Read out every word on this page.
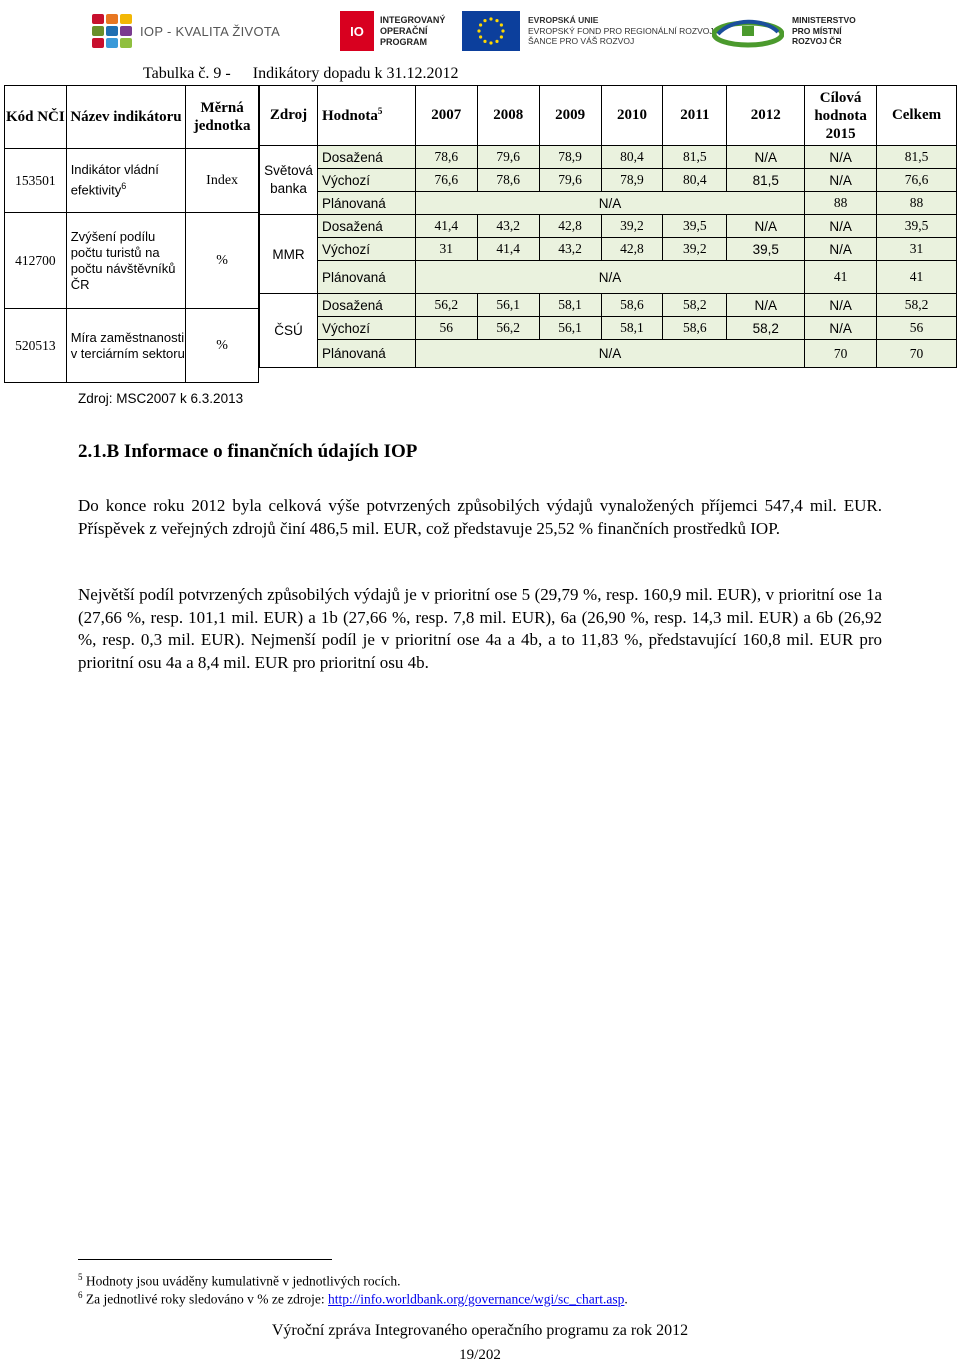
IOP - KVALITA ŽIVOTA	IO
INTEGROVANÝ
OPERAČNÍ
PROGRAM
EVROPSKÁ UNIE
EVROPSKÝ FOND PRO REGIONÁLNÍ ROZVOJ
ŠANCE PRO VÁŠ ROZVOJ
MINISTERSTVO
PRO MÍSTNÍ
ROZVOJ ČR
Tabulka č. 9 - Indikátory dopadu k 31.12.2012
Kód NČI	Název indikátoru	Měrná jednotka
153501	Indikátor vládní efektivity$^6$	Index
412700	Zvýšení podílu počtu turistů na počtu návštěvníků ČR	%
520513	Míra zaměstnanosti v terciárním sektoru	%
Zdroj	Hodnota$^5$	2007	2008	2009	2010	2011	2012	Cílová hodnota 2015	Celkem
Světová banka	Dosažená	78,6	79,6	78,9	80,4	81,5	N/A	N/A	81,5
	Výchozí	76,6	78,6	79,6	78,9	80,4	81,5	N/A	76,6
	Plánovaná	N/A						88	88
MMR	Dosažená	41,4	43,2	42,8	39,2	39,5	N/A	N/A	39,5
	Výchozí	31	41,4	43,2	42,8	39,2	39,5	N/A	31
	Plánovaná	N/A						41	41
ČSÚ	Dosažená	56,2	56,1	58,1	58,6	58,2	N/A	N/A	58,2
	Výchozí	56	56,2	56,1	58,1	58,6	58,2	N/A	56
	Plánovaná	N/A						70	70
Zdroj: MSC2007 k 6.3.2013
2.1.B Informace o finančních údajích IOP

Do konce roku 2012 byla celková výše potvrzených způsobilých výdajů vynaložených příjemci 547,4 mil. EUR. Příspěvek z veřejných zdrojů činí 486,5 mil. EUR, což představuje 25,52 % finančních prostředků IOP.

Největší podíl potvrzených způsobilých výdajů je v prioritní ose 5 (29,79 %, resp. 160,9 mil. EUR), v prioritní ose 1a (27,66 %, resp. 101,1 mil. EUR) a 1b (27,66 %, resp. 7,8 mil. EUR), 6a (26,90 %, resp. 14,3 mil. EUR) a 6b (26,92 %, resp. 0,3 mil. EUR). Nejmenší podíl je v prioritní ose 4a a 4b, a to 11,83 %, představující 160,8 mil. EUR pro prioritní osu 4a a 8,4 mil. EUR pro prioritní osu 4b.

$^5$ Hodnoty jsou uváděny kumulativně v jednotlivých rocích.
$^6$ Za jednotlivé roky sledováno v % ze zdroje: http://info.worldbank.org/governance/wgi/sc_chart.asp.
Výroční zpráva Integrovaného operačního programu za rok 2012
19/202
